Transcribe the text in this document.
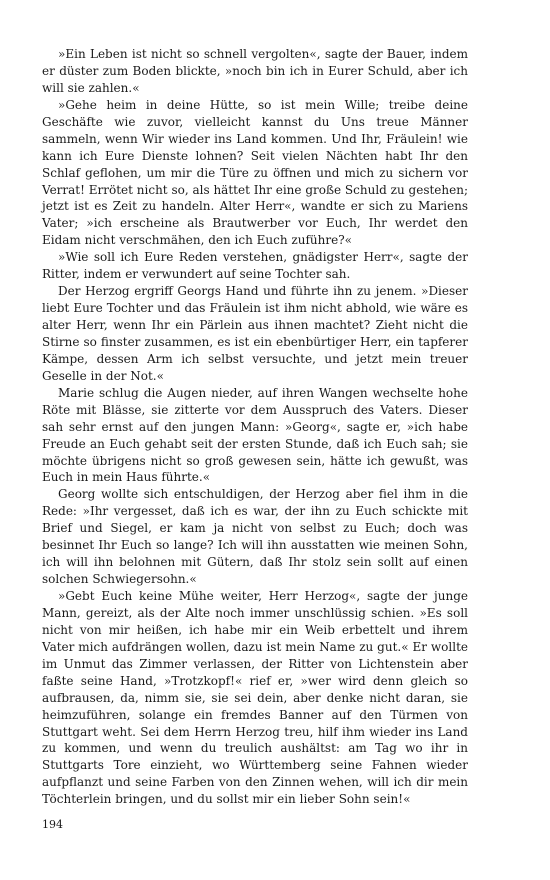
»Ein Leben ist nicht so schnell vergolten«, sagte der Bauer, indem er düster zum Boden blickte, »noch bin ich in Eurer Schuld, aber ich will sie zahlen.«

»Gehe heim in deine Hütte, so ist mein Wille; treibe deine Geschäfte wie zuvor, vielleicht kannst du Uns treue Männer sammeln, wenn Wir wieder ins Land kommen. Und Ihr, Fräulein! wie kann ich Eure Dienste lohnen? Seit vielen Nächten habt Ihr den Schlaf geflohen, um mir die Türe zu öffnen und mich zu sichern vor Verrat! Errötet nicht so, als hättet Ihr eine große Schuld zu gestehen; jetzt ist es Zeit zu handeln. Alter Herr«, wandte er sich zu Mariens Vater; »ich erscheine als Brautwerber vor Euch, Ihr werdet den Eidam nicht verschmähen, den ich Euch zuführe?«

»Wie soll ich Eure Reden verstehen, gnädigster Herr«, sagte der Ritter, indem er verwundert auf seine Tochter sah.

Der Herzog ergriff Georgs Hand und führte ihn zu jenem. »Dieser liebt Eure Tochter und das Fräulein ist ihm nicht abhold, wie wäre es alter Herr, wenn Ihr ein Pärlein aus ihnen machtet? Zieht nicht die Stirne so finster zusammen, es ist ein ebenbürtiger Herr, ein tapferer Kämpe, dessen Arm ich selbst versuchte, und jetzt mein treuer Geselle in der Not.«

Marie schlug die Augen nieder, auf ihren Wangen wechselte hohe Röte mit Blässe, sie zitterte vor dem Ausspruch des Vaters. Dieser sah sehr ernst auf den jungen Mann: »Georg«, sagte er, »ich habe Freude an Euch gehabt seit der ersten Stunde, daß ich Euch sah; sie möchte übrigens nicht so groß gewesen sein, hätte ich gewußt, was Euch in mein Haus führte.«

Georg wollte sich entschuldigen, der Herzog aber fiel ihm in die Rede: »Ihr vergesset, daß ich es war, der ihn zu Euch schickte mit Brief und Siegel, er kam ja nicht von selbst zu Euch; doch was besinnet Ihr Euch so lange? Ich will ihn ausstatten wie meinen Sohn, ich will ihn belohnen mit Gütern, daß Ihr stolz sein sollt auf einen solchen Schwiegersohn.«

»Gebt Euch keine Mühe weiter, Herr Herzog«, sagte der junge Mann, gereizt, als der Alte noch immer unschlüssig schien. »Es soll nicht von mir heißen, ich habe mir ein Weib erbettelt und ihrem Vater mich aufdrängen wollen, dazu ist mein Name zu gut.« Er wollte im Unmut das Zimmer verlassen, der Ritter von Lichtenstein aber faßte seine Hand, »Trotzkopf!« rief er, »wer wird denn gleich so aufbrausen, da, nimm sie, sie sei dein, aber denke nicht daran, sie heimzuführen, solange ein fremdes Banner auf den Türmen von Stuttgart weht. Sei dem Herrn Herzog treu, hilf ihm wieder ins Land zu kommen, und wenn du treulich aushältst: am Tag wo ihr in Stuttgarts Tore einzieht, wo Württemberg seine Fahnen wieder aufpflanzt und seine Farben von den Zinnen wehen, will ich dir mein Töchterlein bringen, und du sollst mir ein lieber Sohn sein!«

194
